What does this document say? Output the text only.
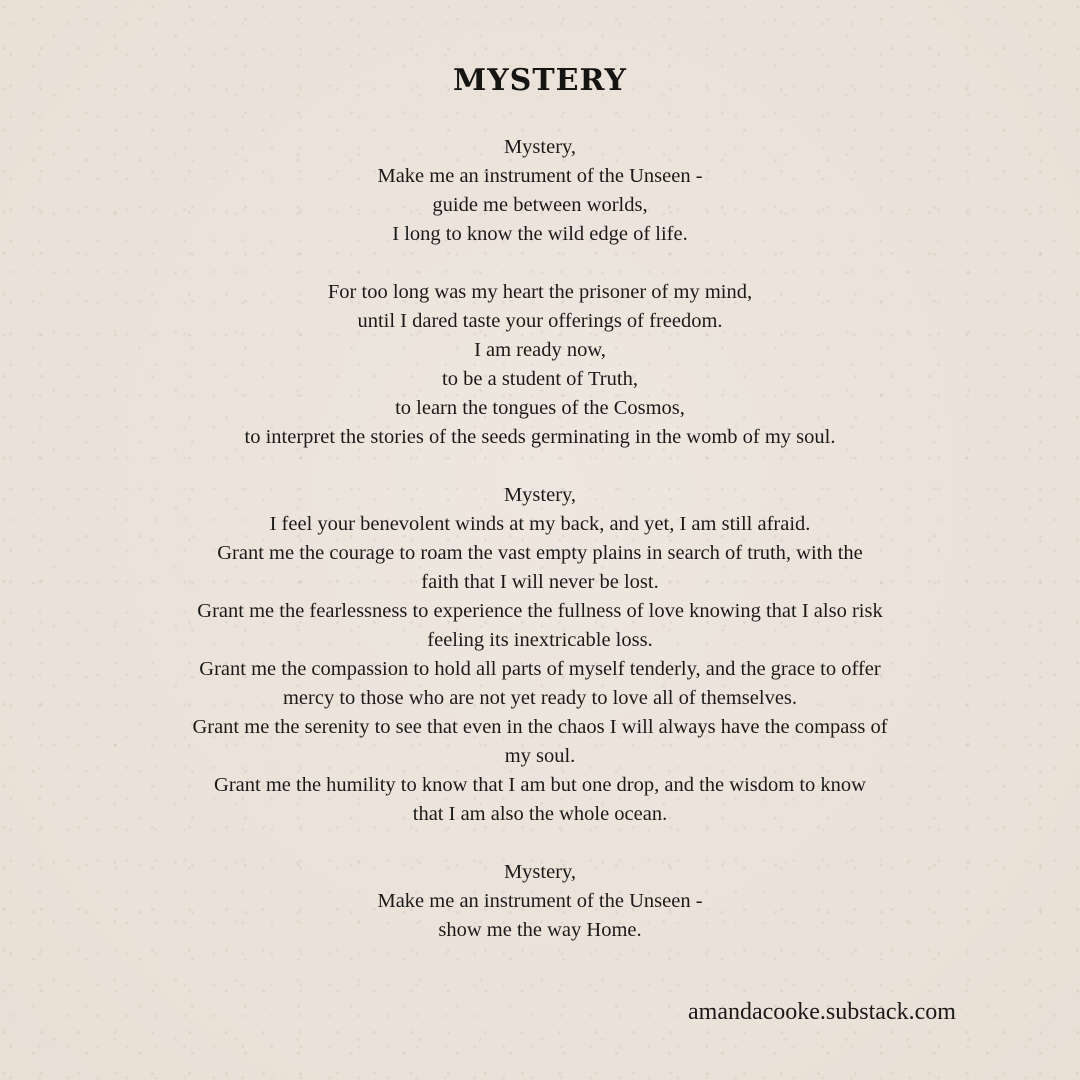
MYSTERY
Mystery,
Make me an instrument of the Unseen -
guide me between worlds,
I long to know the wild edge of life.
For too long was my heart the prisoner of my mind,
until I dared taste your offerings of freedom.
I am ready now,
to be a student of Truth,
to learn the tongues of the Cosmos,
to interpret the stories of the seeds germinating in the womb of my soul.
Mystery,
I feel your benevolent winds at my back, and yet, I am still afraid.
Grant me the courage to roam the vast empty plains in search of truth, with the
faith that I will never be lost.
Grant me the fearlessness to experience the fullness of love knowing that I also risk
feeling its inextricable loss.
Grant me the compassion to hold all parts of myself tenderly, and the grace to offer
mercy to those who are not yet ready to love all of themselves.
Grant me the serenity to see that even in the chaos I will always have the compass of
my soul.
Grant me the humility to know that I am but one drop, and the wisdom to know
that I am also the whole ocean.
Mystery,
Make me an instrument of the Unseen -
show me the way Home.
amandacooke.substack.com
